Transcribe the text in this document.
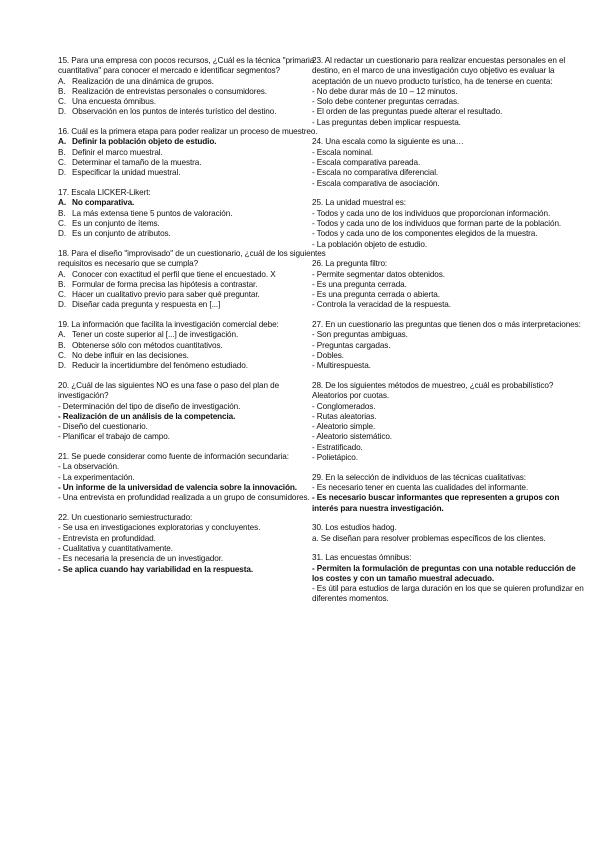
15. Para una empresa con pocos recursos, ¿Cuál es la técnica "primaria cuantitativa" para conocer el mercado e identificar segmentos?
A. Realización de una dinámica de grupos.
B. Realización de entrevistas personales o consumidores.
C. Una encuesta ómnibus.
D. Observación en los puntos de interés turístico del destino.
16. Cuál es la primera etapa para poder realizar un proceso de muestreo.
A. Definir la población objeto de estudio.
B. Definir el marco muestral.
C. Determinar el tamaño de la muestra.
D. Especificar la unidad muestral.
17. Escala LICKER-Likert:
A. No comparativa.
B. La más extensa tiene 5 puntos de valoración.
C. Es un conjunto de ítems.
D. Es un conjunto de atributos.
18. Para el diseño "improvisado" de un cuestionario, ¿cuál de los siguientes requisitos es necesario que se cumpla?
A. Conocer con exactitud el perfil que tiene el encuestado. X
B. Formular de forma precisa las hipótesis a contrastar.
C. Hacer un cualitativo previo para saber qué preguntar.
D. Diseñar cada pregunta y respuesta en [...]
19. La información que facilita la investigación comercial debe:
A. Tener un coste superior al [...] de investigación.
B. Obtenerse sólo con métodos cuantitativos.
C. No debe influir en las decisiones.
D. Reducir la incertidumbre del fenómeno estudiado.
20. ¿Cuál de las siguientes NO es una fase o paso del plan de investigación?
- Determinación del tipo de diseño de investigación.
- Realización de un análisis de la competencia.
- Diseño del cuestionario.
- Planificar el trabajo de campo.
21. Se puede considerar como fuente de información secundaria:
- La observación.
- La experimentación.
- Un informe de la universidad de valencia sobre la innovación.
- Una entrevista en profundidad realizada a un grupo de consumidores.
22. Un cuestionario semiestructurado:
- Se usa en investigaciones exploratorias y concluyentes.
- Entrevista en profundidad.
- Cualitativa y cuantitativamente.
- Es necesaria la presencia de un investigador.
- Se aplica cuando hay variabilidad en la respuesta.
23. Al redactar un cuestionario para realizar encuestas personales en el destino, en el marco de una investigación cuyo objetivo es evaluar la aceptación de un nuevo producto turístico, ha de tenerse en cuenta:
- No debe durar más de 10 – 12 minutos.
- Solo debe contener preguntas cerradas.
- El orden de las preguntas puede alterar el resultado.
- Las preguntas deben implicar respuesta.
24. Una escala como la siguiente es una…
- Escala nominal.
- Escala comparativa pareada.
- Escala no comparativa diferencial.
- Escala comparativa de asociación.
25. La unidad muestral es:
- Todos y cada uno de los individuos que proporcionan información.
- Todos y cada uno de los individuos que forman parte de la población.
- Todos y cada uno de los componentes elegidos de la muestra.
- La población objeto de estudio.
26. La pregunta filtro:
- Permite segmentar datos obtenidos.
- Es una pregunta cerrada.
- Es una pregunta cerrada o abierta.
- Controla la veracidad de la respuesta.
27. En un cuestionario las preguntas que tienen dos o más interpretaciones:
- Son preguntas ambiguas.
- Preguntas cargadas.
- Dobles.
- Multirespuesta.
28. De los siguientes métodos de muestreo, ¿cuál es probabilístico?
Aleatorios por cuotas.
- Conglomerados.
- Rutas aleatorias.
- Aleatorio simple.
- Aleatorio sistemático.
- Estratificado.
- Polietápico.
29. En la selección de individuos de las técnicas cualitativas:
- Es necesario tener en cuenta las cualidades del informante.
- Es necesario buscar informantes que representen a grupos con interés para nuestra investigación.
30. Los estudios hadog.
a. Se diseñan para resolver problemas específicos de los clientes.
31. Las encuestas ómnibus:
- Permiten la formulación de preguntas con una notable reducción de los costes y con un tamaño muestral adecuado.
- Es útil para estudios de larga duración en los que se quieren profundizar en diferentes momentos.
